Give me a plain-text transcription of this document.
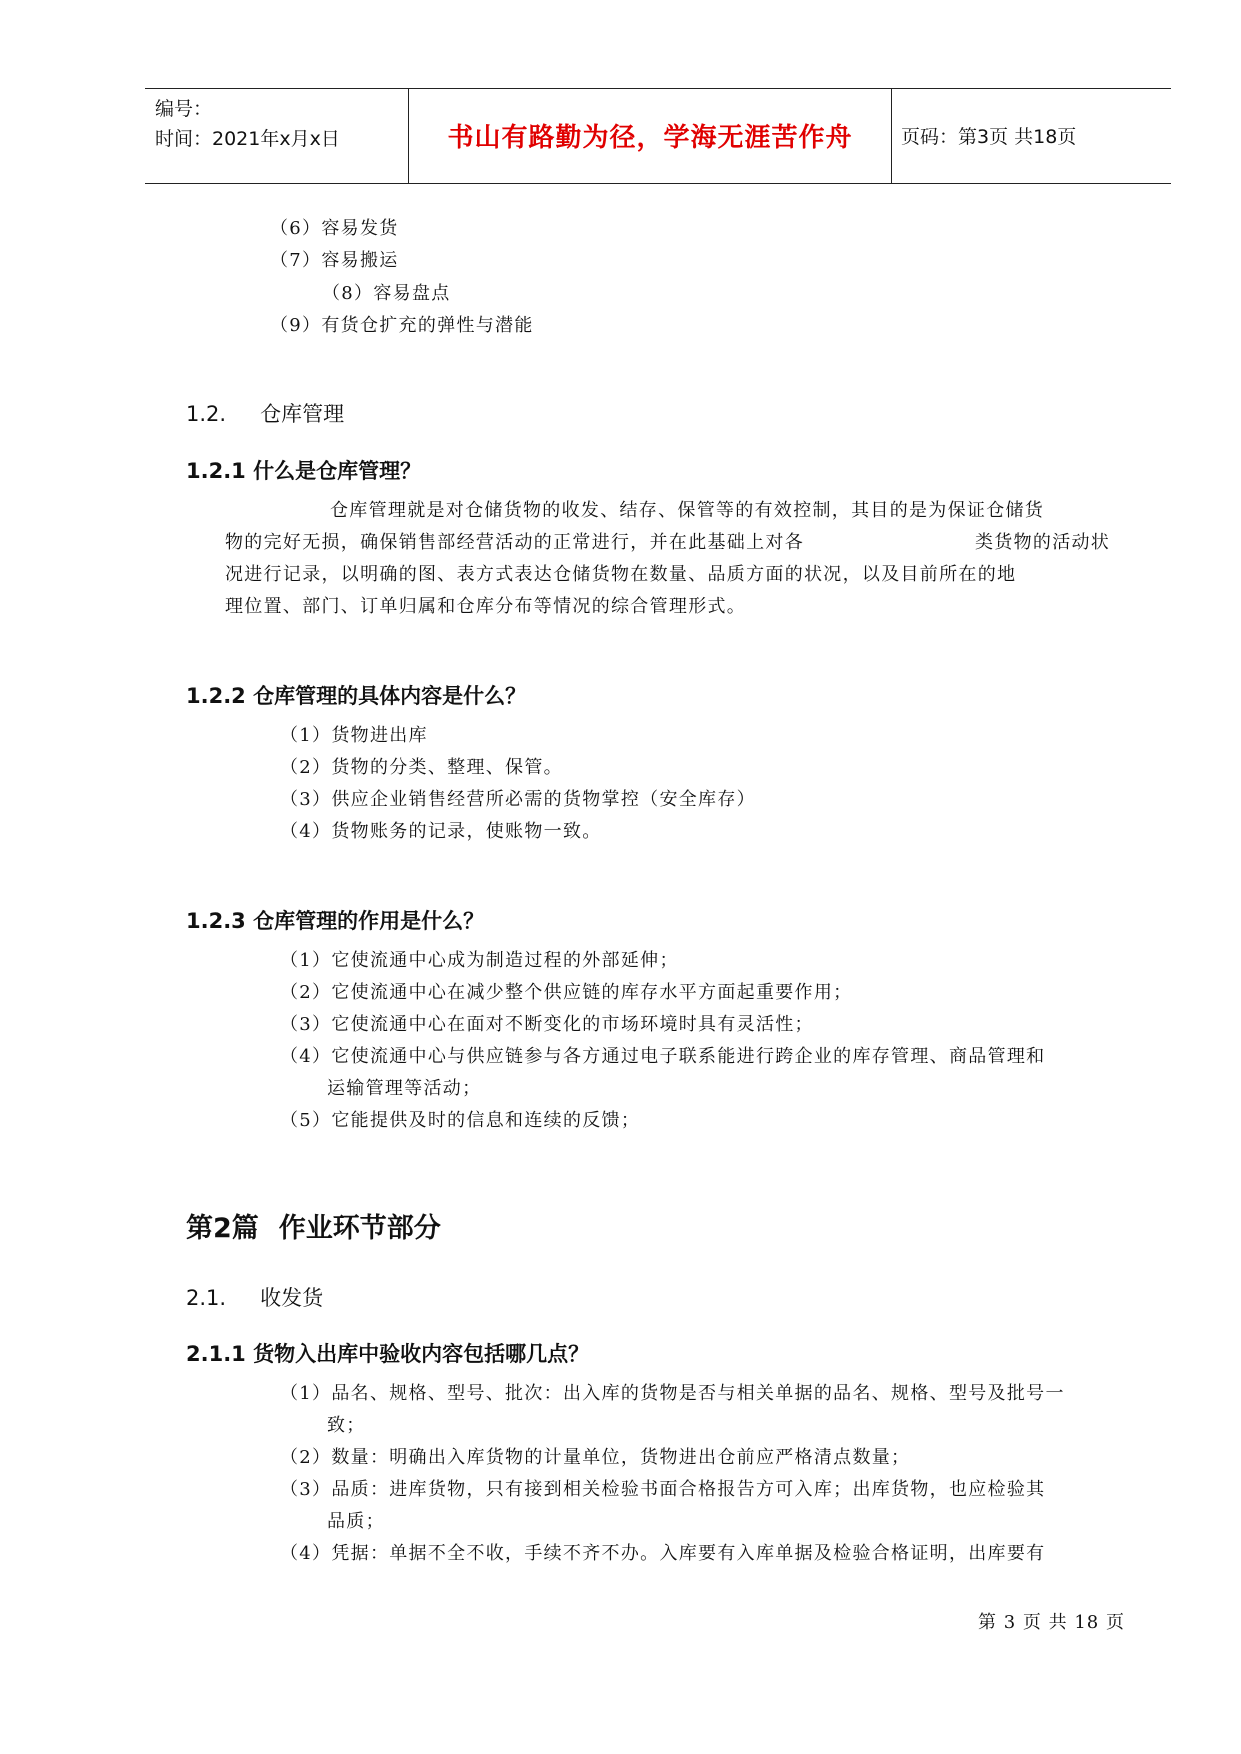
编号：
时间：2021年x月x日	书山有路勤为径，学海无涯苦作舟	页码：第3页 共18页
（6）容易发货
（7）容易搬运
（8）容易盘点
（9）有货仓扩充的弹性与潜能
1.2. 仓库管理
1.2.1 什么是仓库管理？
仓库管理就是对仓储货物的收发、结存、保管等的有效控制，其目的是为保证仓储货
物的完好无损，确保销售部经营活动的正常进行，并在此基础上对各	类货物的活动状
况进行记录，以明确的图、表方式表达仓储货物在数量、品质方面的状况，以及目前所在的地
理位置、部门、订单归属和仓库分布等情况的综合管理形式。
1.2.2 仓库管理的具体内容是什么？
（1）货物进出库
（2）货物的分类、整理、保管。
（3）供应企业销售经营所必需的货物掌控（安全库存）
（4）货物账务的记录，使账物一致。
1.2.3 仓库管理的作用是什么？
（1）它使流通中心成为制造过程的外部延伸；
（2）它使流通中心在减少整个供应链的库存水平方面起重要作用；
（3）它使流通中心在面对不断变化的市场环境时具有灵活性；
（4）它使流通中心与供应链参与各方通过电子联系能进行跨企业的库存管理、商品管理和
运输管理等活动；
（5）它能提供及时的信息和连续的反馈；
第2篇 作业环节部分
2.1. 收发货
2.1.1 货物入出库中验收内容包括哪几点？
（1）品名、规格、型号、批次：出入库的货物是否与相关单据的品名、规格、型号及批号一
致；
（2）数量：明确出入库货物的计量单位，货物进出仓前应严格清点数量；
（3）品质：进库货物，只有接到相关检验书面合格报告方可入库；出库货物，也应检验其
品质；
（4）凭据：单据不全不收，手续不齐不办。入库要有入库单据及检验合格证明，出库要有
第 3 页 共 18 页
